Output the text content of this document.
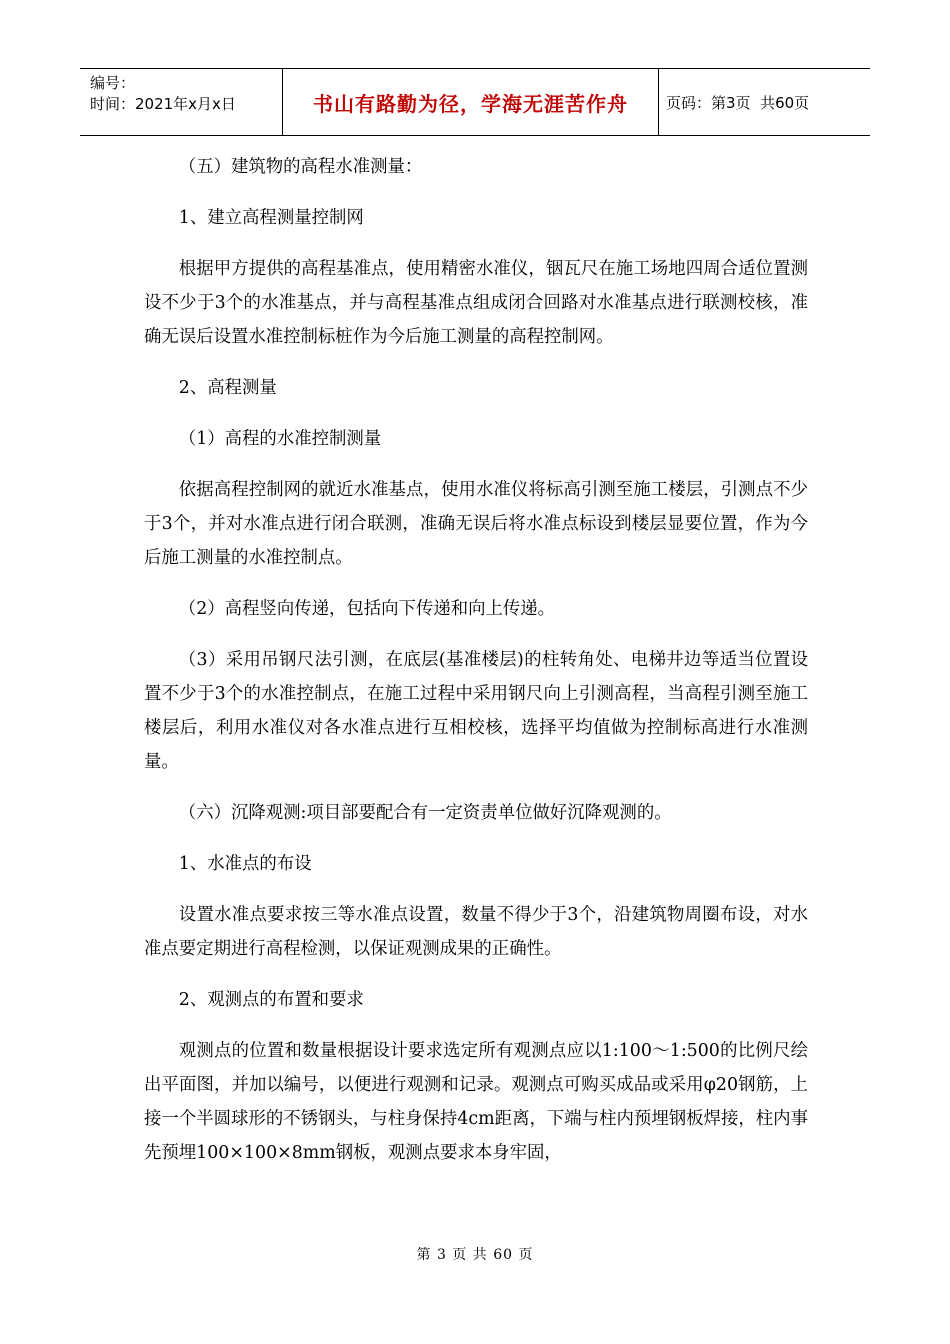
编号：
时间：2021年x月x日	书山有路勤为径，学海无涯苦作舟	页码：第3页  共60页

（五）建筑物的高程水准测量：

1、建立高程测量控制网

根据甲方提供的高程基准点，使用精密水准仪，铟瓦尺在施工场地四周合适位置测设不少于3个的水准基点，并与高程基准点组成闭合回路对水准基点进行联测校核，准确无误后设置水准控制标桩作为今后施工测量的高程控制网。

2、高程测量

（1）高程的水准控制测量

依据高程控制网的就近水准基点，使用水准仪将标高引测至施工楼层，引测点不少于3个，并对水准点进行闭合联测，准确无误后将水准点标设到楼层显要位置，作为今后施工测量的水准控制点。

（2）高程竖向传递，包括向下传递和向上传递。

（3）采用吊钢尺法引测，在底层(基准楼层)的柱转角处、电梯井边等适当位置设置不少于3个的水准控制点，在施工过程中采用钢尺向上引测高程，当高程引测至施工楼层后，利用水准仪对各水准点进行互相校核，选择平均值做为控制标高进行水准测量。

（六）沉降观测:项目部要配合有一定资责单位做好沉降观测的。

1、水准点的布设

设置水准点要求按三等水准点设置，数量不得少于3个，沿建筑物周圈布设，对水准点要定期进行高程检测，以保证观测成果的正确性。

2、观测点的布置和要求

观测点的位置和数量根据设计要求选定所有观测点应以1:100～1:500的比例尺绘出平面图，并加以编号，以便进行观测和记录。观测点可购买成品或采用φ20钢筋，上接一个半圆球形的不锈钢头，与柱身保持4cm距离，下端与柱内预埋钢板焊接，柱内事先预埋100×100×8mm钢板，观测点要求本身牢固，

第 3 页 共 60 页
